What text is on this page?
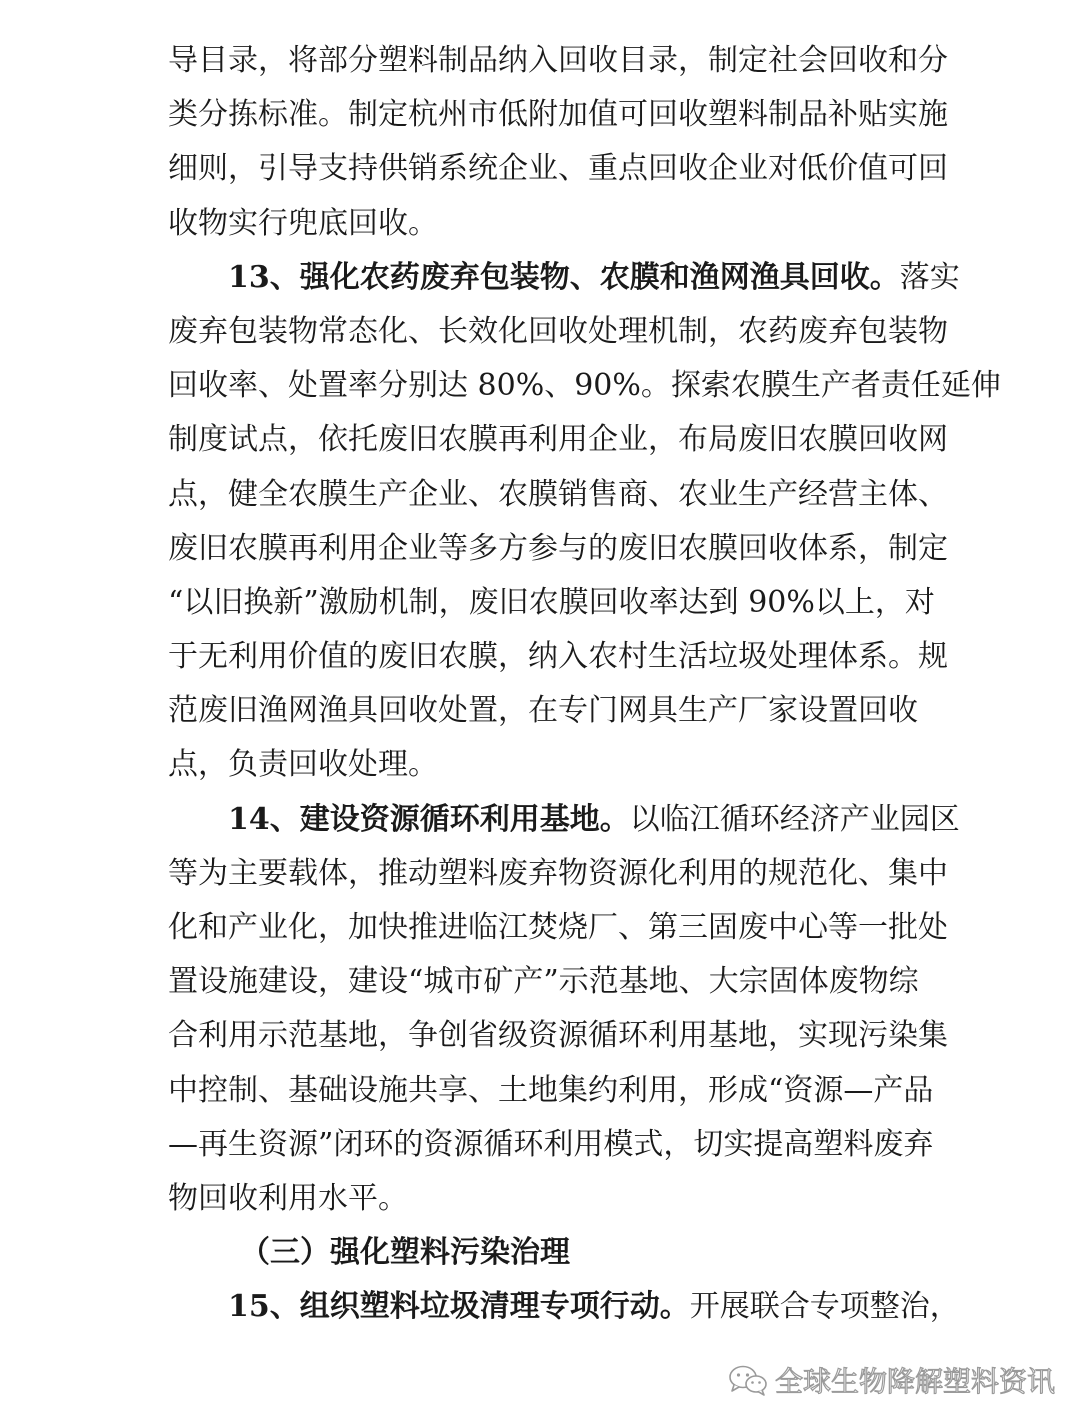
导目录，将部分塑料制品纳入回收目录，制定社会回收和分
类分拣标准。制定杭州市低附加值可回收塑料制品补贴实施
细则，引导支持供销系统企业、重点回收企业对低价值可回
收物实行兜底回收。
13、强化农药废弃包装物、农膜和渔网渔具回收。落实
废弃包装物常态化、长效化回收处理机制，农药废弃包装物
回收率、处置率分别达 80%、90%。探索农膜生产者责任延伸
制度试点，依托废旧农膜再利用企业，布局废旧农膜回收网
点，健全农膜生产企业、农膜销售商、农业生产经营主体、
废旧农膜再利用企业等多方参与的废旧农膜回收体系，制定
“以旧换新”激励机制，废旧农膜回收率达到 90%以上，对
于无利用价值的废旧农膜，纳入农村生活垃圾处理体系。规
范废旧渔网渔具回收处置，在专门网具生产厂家设置回收
点，负责回收处理。
14、建设资源循环利用基地。以临江循环经济产业园区
等为主要载体，推动塑料废弃物资源化利用的规范化、集中
化和产业化，加快推进临江焚烧厂、第三固废中心等一批处
置设施建设，建设“城市矿产”示范基地、大宗固体废物综
合利用示范基地，争创省级资源循环利用基地，实现污染集
中控制、基础设施共享、土地集约利用，形成“资源—产品
—再生资源”闭环的资源循环利用模式，切实提高塑料废弃
物回收利用水平。
（三）强化塑料污染治理
15、组织塑料垃圾清理专项行动。开展联合专项整治，
全球生物降解塑料资讯
